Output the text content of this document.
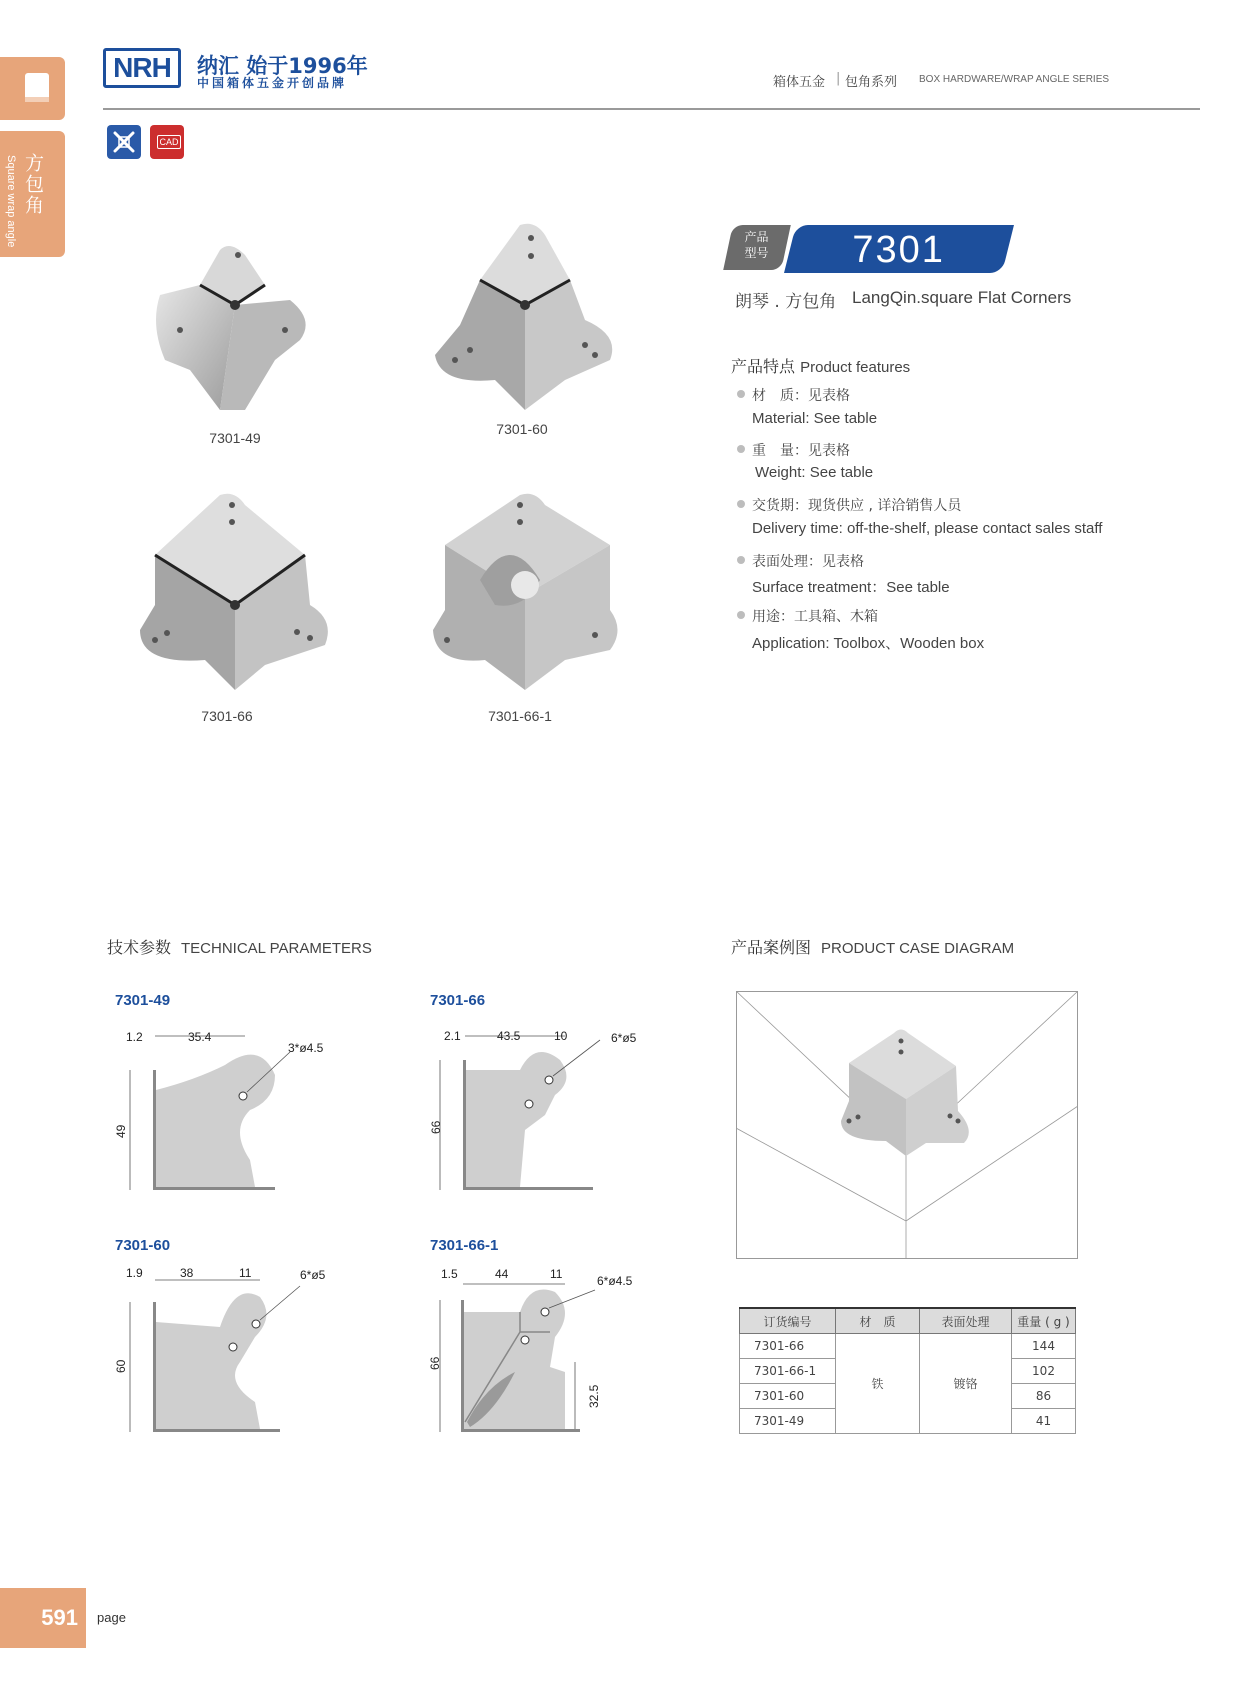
方包角
Square wrap angle
NRH	纳汇 始于1996年
中国箱体五金开创品牌	箱体五金 | 包角系列 BOX HARDWARE/WRAP ANGLE SERIES
CAD
7301-49
7301-60
7301-66	7301-66-1
产品
型号	7301
朗琴 . 方包角 LangQin.square Flat Corners
产品特点 Product features
材　质：见表格
Material: See table
重　量：见表格
Weight: See table
交货期：现货供应 , 详洽销售人员
Delivery time: off-the-shelf, please contact sales staff
表面处理：见表格
Surface treatment：See table
用途：工具箱、木箱
Application: Toolbox、Wooden box
技术参数 TECHNICAL PARAMETERS
7301-49
1.2	35.4
3*ø4.5
49
7301-66
2.1	43.5	10	6*ø5
66
7301-60
1.9	38	11	6*ø5
60
7301-66-1
1.5	44	11	6*ø4.5
66
32.5
产品案例图 PRODUCT CASE DIAGRAM
订货编号	材　质	表面处理	重量 ( g )
7301-66	铁	镀铬	144
7301-66-1			102
7301-60			86
7301-49			41
591	page
